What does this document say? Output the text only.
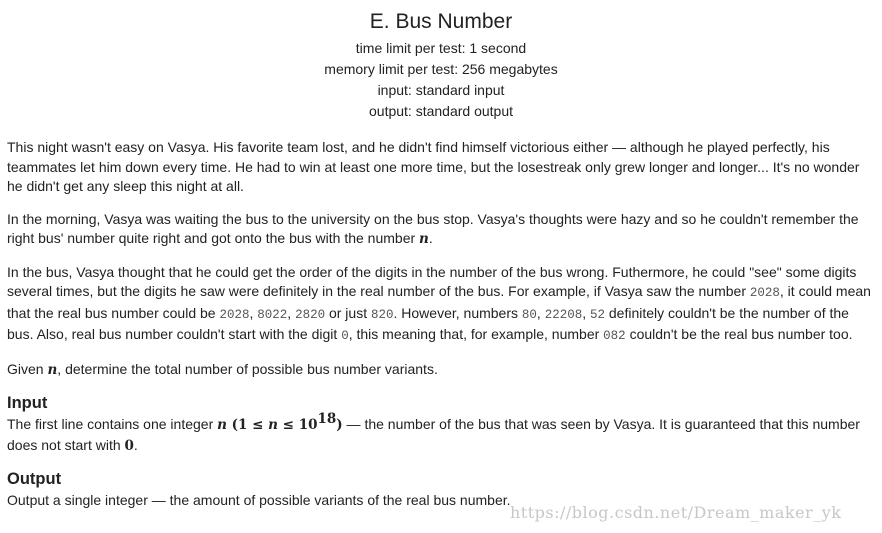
E. Bus Number
time limit per test: 1 second
memory limit per test: 256 megabytes
input: standard input
output: standard output

This night wasn't easy on Vasya. His favorite team lost, and he didn't find himself victorious either — although he played perfectly, his teammates let him down every time. He had to win at least one more time, but the losestreak only grew longer and longer... It's no wonder he didn't get any sleep this night at all.

In the morning, Vasya was waiting the bus to the university on the bus stop. Vasya's thoughts were hazy and so he couldn't remember the right bus' number quite right and got onto the bus with the number n.

In the bus, Vasya thought that he could get the order of the digits in the number of the bus wrong. Futhermore, he could "see" some digits several times, but the digits he saw were definitely in the real number of the bus. For example, if Vasya saw the number 2028, it could mean that the real bus number could be 2028, 8022, 2820 or just 820. However, numbers 80, 22208, 52 definitely couldn't be the number of the bus. Also, real bus number couldn't start with the digit 0, this meaning that, for example, number 082 couldn't be the real bus number too.

Given n, determine the total number of possible bus number variants.

Input
The first line contains one integer n $(1 \le n \le 10^{18})$ — the number of the bus that was seen by Vasya. It is guaranteed that this number does not start with 0.
Output
Output a single integer — the amount of possible variants of the real bus number.
https://blog.csdn.net/Dream_maker_yk
